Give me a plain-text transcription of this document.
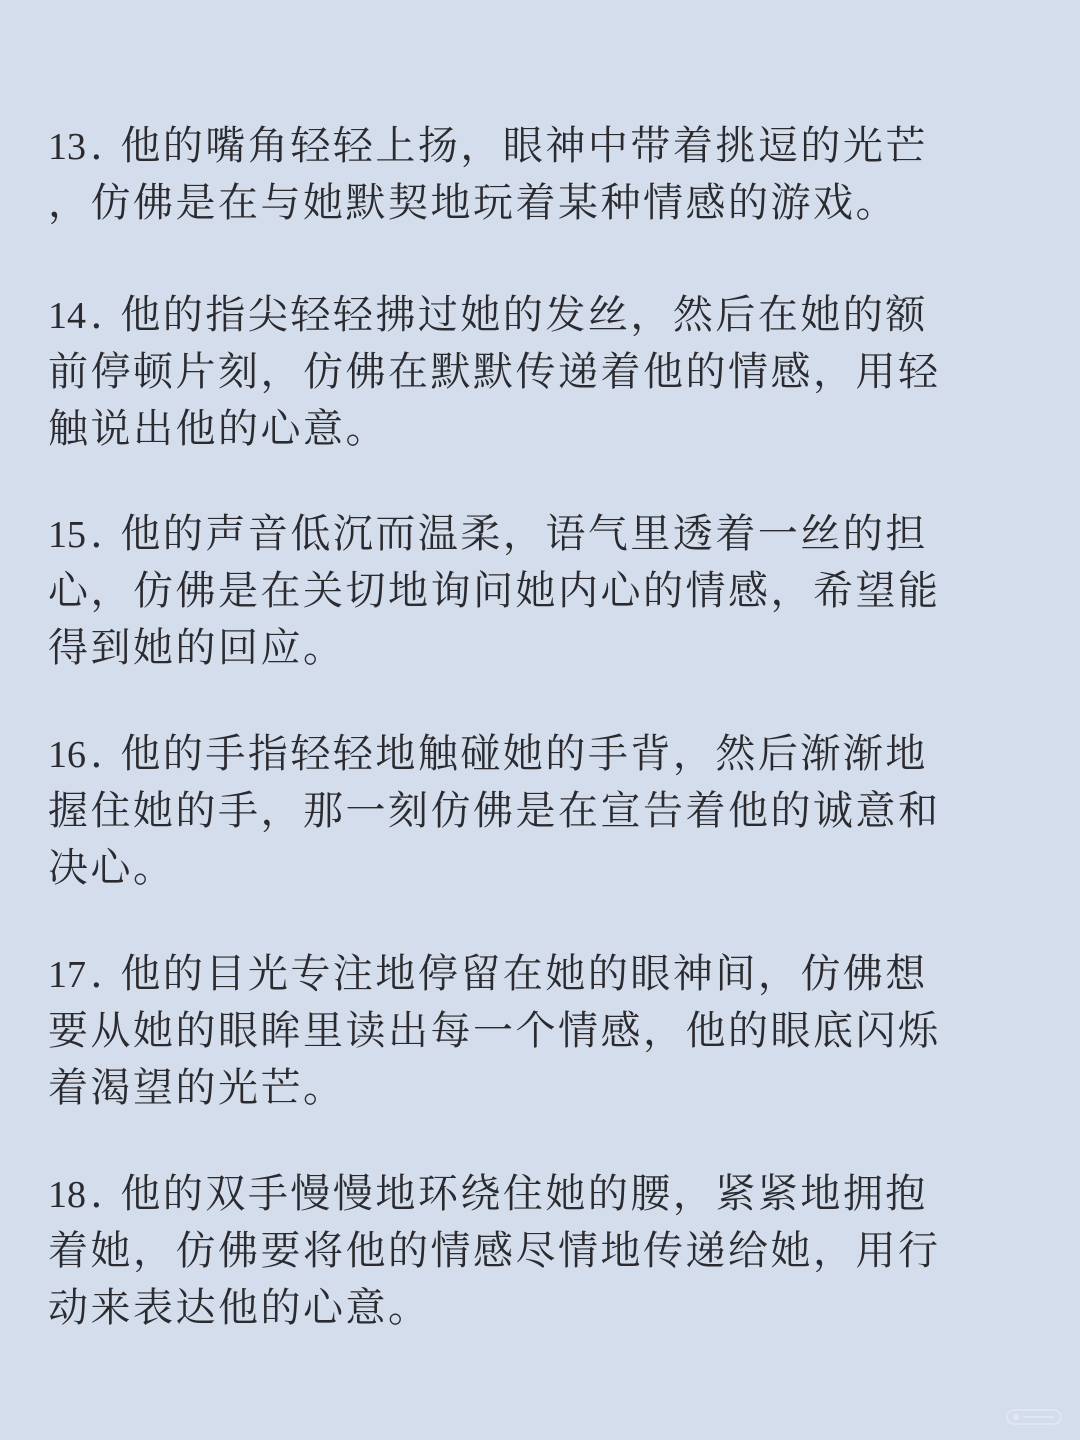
13 . 他的嘴角轻轻上扬，眼神中带着挑逗的光芒
，仿佛是在与她默契地玩着某种情感的游戏。
14 . 他的指尖轻轻拂过她的发丝，然后在她的额
前停顿片刻，仿佛在默默传递着他的情感，用轻
触说出他的心意。
15 . 他的声音低沉而温柔，语气里透着一丝的担
心，仿佛是在关切地询问她内心的情感，希望能
得到她的回应。
16 . 他的手指轻轻地触碰她的手背，然后渐渐地
握住她的手，那一刻仿佛是在宣告着他的诚意和
决心。
17 . 他的目光专注地停留在她的眼神间，仿佛想
要从她的眼眸里读出每一个情感，他的眼底闪烁
着渴望的光芒。
18 . 他的双手慢慢地环绕住她的腰，紧紧地拥抱
着她，仿佛要将他的情感尽情地传递给她，用行
动来表达他的心意。
